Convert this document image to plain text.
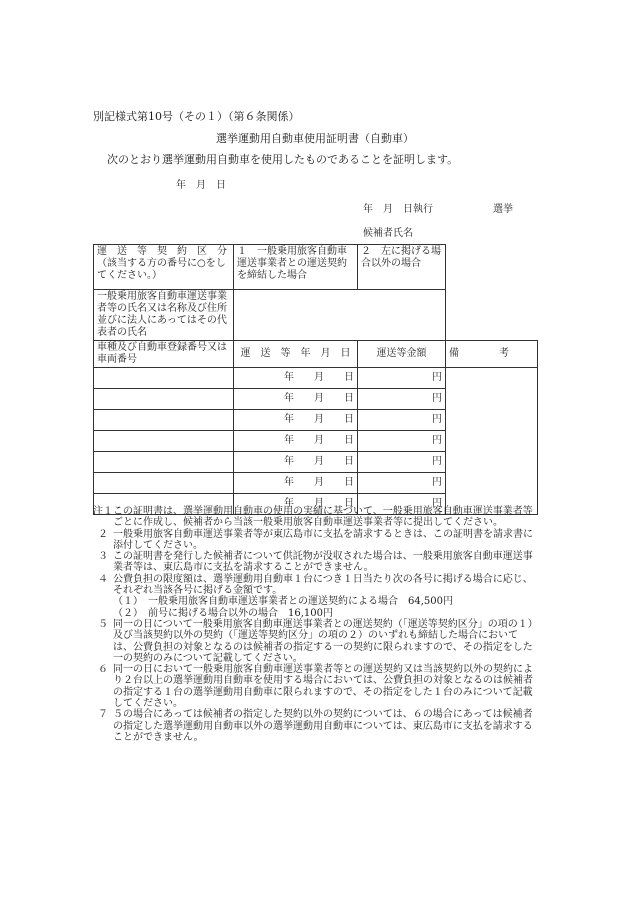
別記様式第10号（その１）（第６条関係）
選挙運動用自動車使用証明書（自動車）
次のとおり選挙運動用自動車を使用したものであることを証明します。
年　月　日
年　月　日執行　　　　　　選挙
候補者氏名
運　送　等　契　約　区　分（該当する方の番号に○をしてください。）	１　一般乗用旅客自動車運送事業者との運送契約を締結した場合	２　左に掲げる場合以外の場合	
一般乗用旅客自動車運送事業者等の氏名又は名称及び住所並びに法人にあってはその代表者の氏名			
車種及び自動車登録番号又は車両番号	運　送　等　年　月　日	運送等金額	備　　　　考
	年　　月　　日	円	
	年　　月　　日	円	
	年　　月　　日	円	
	年　　月　　日	円	
	年　　月　　日	円	
	年　　月　　日	円	
	年　　月　　日	円	
注１ この証明書は、選挙運動用自動車の使用の実績に基づいて、一般乗用旅客自動車運送事業者等ごとに作成し、候補者から当該一般乗用旅客自動車運送事業者等に提出してください。
２ 一般乗用旅客自動車運送事業者等が東広島市に支払を請求するときは、この証明書を請求書に添付してください。
３ この証明書を発行した候補者について供託物が没収された場合は、一般乗用旅客自動車運送事業者等は、東広島市に支払を請求することができません。
４ 公費負担の限度額は、選挙運動用自動車１台につき１日当たり次の各号に掲げる場合に応じ、それぞれ当該各号に掲げる金額です。
（１）　一般乗用旅客自動車運送事業者との運送契約による場合　64,500円
（２）　前号に掲げる場合以外の場合　16,100円
５ 同一の日について一般乗用旅客自動車運送事業者との運送契約（「運送等契約区分」の項の１）及び当該契約以外の契約（「運送等契約区分」の項の２）のいずれも締結した場合においては、公費負担の対象となるのは候補者の指定する一の契約に限られますので、その指定をした一の契約のみについて記載してください。
６ 同一の日において一般乗用旅客自動車運送事業者等との運送契約又は当該契約以外の契約により２台以上の選挙運動用自動車を使用する場合においては、公費負担の対象となるのは候補者の指定する１台の選挙運動用自動車に限られますので、その指定をした１台のみについて記載してください。
７ ５の場合にあっては候補者の指定した契約以外の契約については、６の場合にあっては候補者の指定した選挙運動用自動車以外の選挙運動用自動車については、東広島市に支払を請求することができません。
